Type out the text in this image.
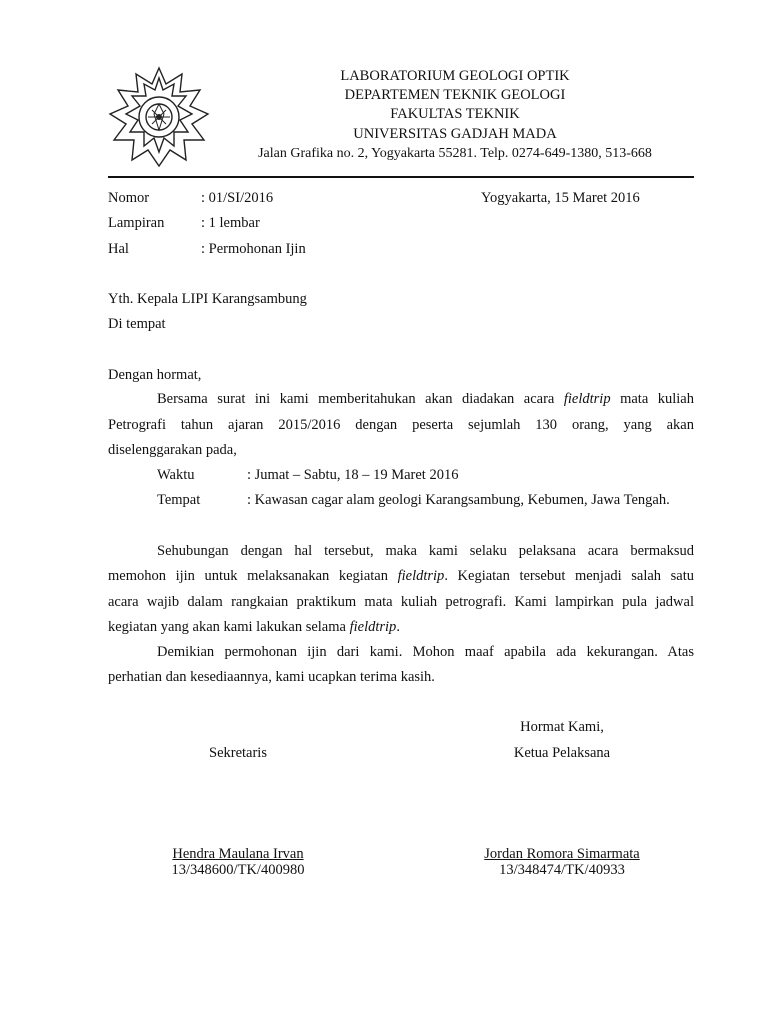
LABORATORIUM GEOLOGI OPTIK
DEPARTEMEN TEKNIK GEOLOGI
FAKULTAS TEKNIK
UNIVERSITAS GADJAH MADA
Jalan Grafika no. 2, Yogyakarta 55281. Telp. 0274-649-1380, 513-668
Nomor	: 01/SI/2016	Yogyakarta, 15 Maret 2016
Lampiran	: 1 lembar
Hal	: Permohonan Ijin
Yth. Kepala LIPI Karangsambung
Di tempat
Dengan hormat,
Bersama surat ini kami memberitahukan akan diadakan acara fieldtrip mata kuliah
Petrografi tahun ajaran 2015/2016 dengan peserta sejumlah 130 orang, yang akan
diselenggarakan pada,
Waktu	: Jumat – Sabtu, 18 – 19 Maret 2016
Tempat	: Kawasan cagar alam geologi Karangsambung, Kebumen, Jawa Tengah.
Sehubungan dengan hal tersebut, maka kami selaku pelaksana acara bermaksud
memohon ijin untuk melaksanakan kegiatan fieldtrip. Kegiatan tersebut menjadi salah satu
acara wajib dalam rangkaian praktikum mata kuliah petrografi. Kami lampirkan pula jadwal
kegiatan yang akan kami lakukan selama fieldtrip.
Demikian permohonan ijin dari kami. Mohon maaf apabila ada kekurangan. Atas
perhatian dan kesediaannya, kami ucapkan terima kasih.
Hormat Kami,
Sekretaris	Ketua Pelaksana
Hendra Maulana Irvan
13/348600/TK/400980
Jordan Romora Simarmata
13/348474/TK/40933
